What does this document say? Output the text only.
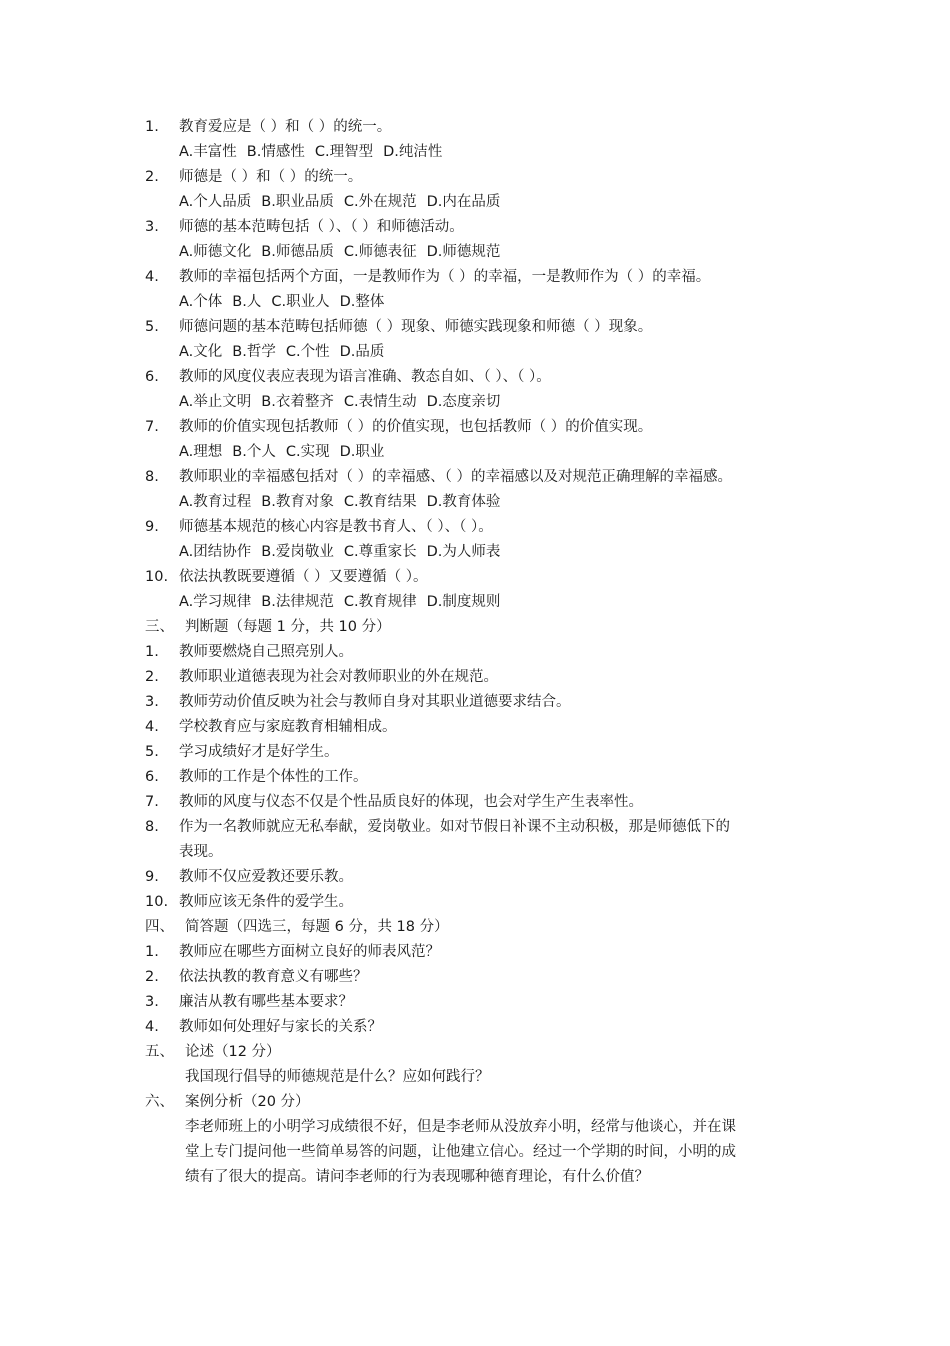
1.	教育爱应是（ ）和（ ）的统一。
A.丰富性 B.情感性 C.理智型 D.纯洁性
2.	师德是（ ）和（ ）的统一。
A.个人品质 B.职业品质 C.外在规范 D.内在品质
3.	师德的基本范畴包括（ ）、（ ）和师德活动。
A.师德文化 B.师德品质 C.师德表征 D.师德规范
4.	教师的幸福包括两个方面，一是教师作为（ ）的幸福，一是教师作为（ ）的幸福。
A.个体 B.人 C.职业人 D.整体
5.	师德问题的基本范畴包括师德（ ）现象、师德实践现象和师德（ ）现象。
A.文化 B.哲学 C.个性 D.品质
6.	教师的风度仪表应表现为语言准确、教态自如、（ ）、（ ）。
A.举止文明 B.衣着整齐 C.表情生动 D.态度亲切
7.	教师的价值实现包括教师（ ）的价值实现，也包括教师（ ）的价值实现。
A.理想 B.个人 C.实现 D.职业
8.	教师职业的幸福感包括对（ ）的幸福感、（ ）的幸福感以及对规范正确理解的幸福感。
A.教育过程 B.教育对象 C.教育结果 D.教育体验
9.	师德基本规范的核心内容是教书育人、（ ）、（ ）。
A.团结协作 B.爱岗敬业 C.尊重家长 D.为人师表
10. 依法执教既要遵循（ ）又要遵循（ ）。
A.学习规律 B.法律规范 C.教育规律 D.制度规则
三、 判断题（每题 1 分，共 10 分）
1.	教师要燃烧自己照亮别人。
2.	教师职业道德表现为社会对教师职业的外在规范。
3.	教师劳动价值反映为社会与教师自身对其职业道德要求结合。
4.	学校教育应与家庭教育相辅相成。
5.	学习成绩好才是好学生。
6.	教师的工作是个体性的工作。
7.	教师的风度与仪态不仅是个性品质良好的体现，也会对学生产生表率性。
8.	作为一名教师就应无私奉献，爱岗敬业。如对节假日补课不主动积极，那是师德低下的
表现。
9.	教师不仅应爱教还要乐教。
10. 教师应该无条件的爱学生。
四、 简答题（四选三，每题 6 分，共 18 分）
1.	教师应在哪些方面树立良好的师表风范？
2.	依法执教的教育意义有哪些？
3.	廉洁从教有哪些基本要求？
4.	教师如何处理好与家长的关系？
五、 论述（12 分）
我国现行倡导的师德规范是什么？应如何践行？
六、 案例分析（20 分）
李老师班上的小明学习成绩很不好，但是李老师从没放弃小明，经常与他谈心，并在课
堂上专门提问他一些简单易答的问题，让他建立信心。经过一个学期的时间，小明的成
绩有了很大的提高。请问李老师的行为表现哪种德育理论，有什么价值？
